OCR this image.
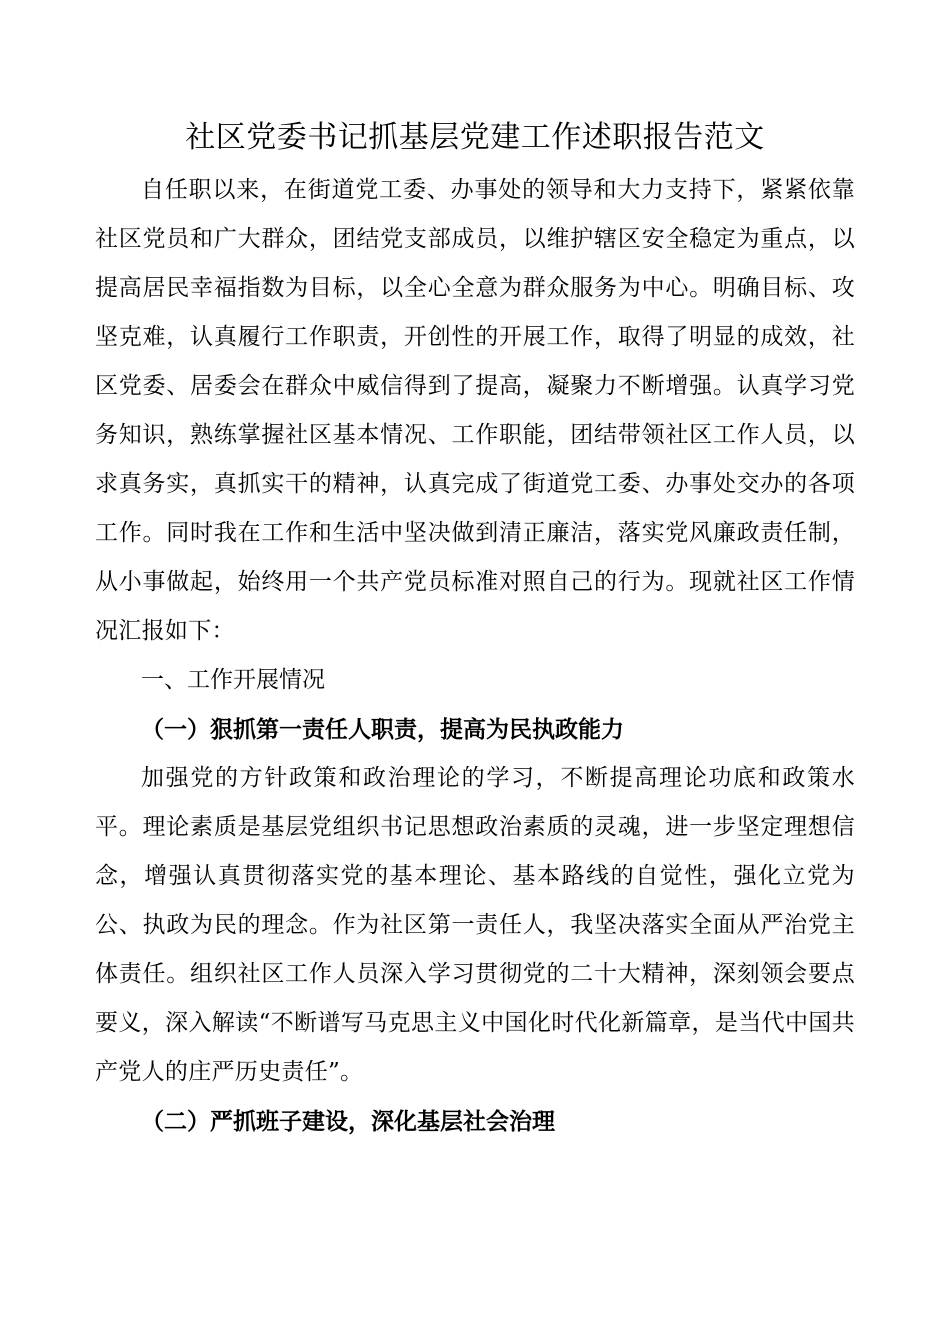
社区党委书记抓基层党建工作述职报告范文

自任职以来，在街道党工委、办事处的领导和大力支持下，紧紧依靠社区党员和广大群众，团结党支部成员，以维护辖区安全稳定为重点，以提高居民幸福指数为目标，以全心全意为群众服务为中心。明确目标、攻坚克难，认真履行工作职责，开创性的开展工作，取得了明显的成效，社区党委、居委会在群众中威信得到了提高，凝聚力不断增强。认真学习党务知识，熟练掌握社区基本情况、工作职能，团结带领社区工作人员，以求真务实，真抓实干的精神，认真完成了街道党工委、办事处交办的各项工作。同时我在工作和生活中坚决做到清正廉洁，落实党风廉政责任制，从小事做起，始终用一个共产党员标准对照自己的行为。现就社区工作情况汇报如下：

一、工作开展情况

（一）狠抓第一责任人职责，提高为民执政能力

加强党的方针政策和政治理论的学习，不断提高理论功底和政策水平。理论素质是基层党组织书记思想政治素质的灵魂，进一步坚定理想信念，增强认真贯彻落实党的基本理论、基本路线的自觉性，强化立党为公、执政为民的理念。作为社区第一责任人，我坚决落实全面从严治党主体责任。组织社区工作人员深入学习贯彻党的二十大精神，深刻领会要点要义，深入解读“不断谱写马克思主义中国化时代化新篇章，是当代中国共产党人的庄严历史责任”。

（二）严抓班子建设，深化基层社会治理
